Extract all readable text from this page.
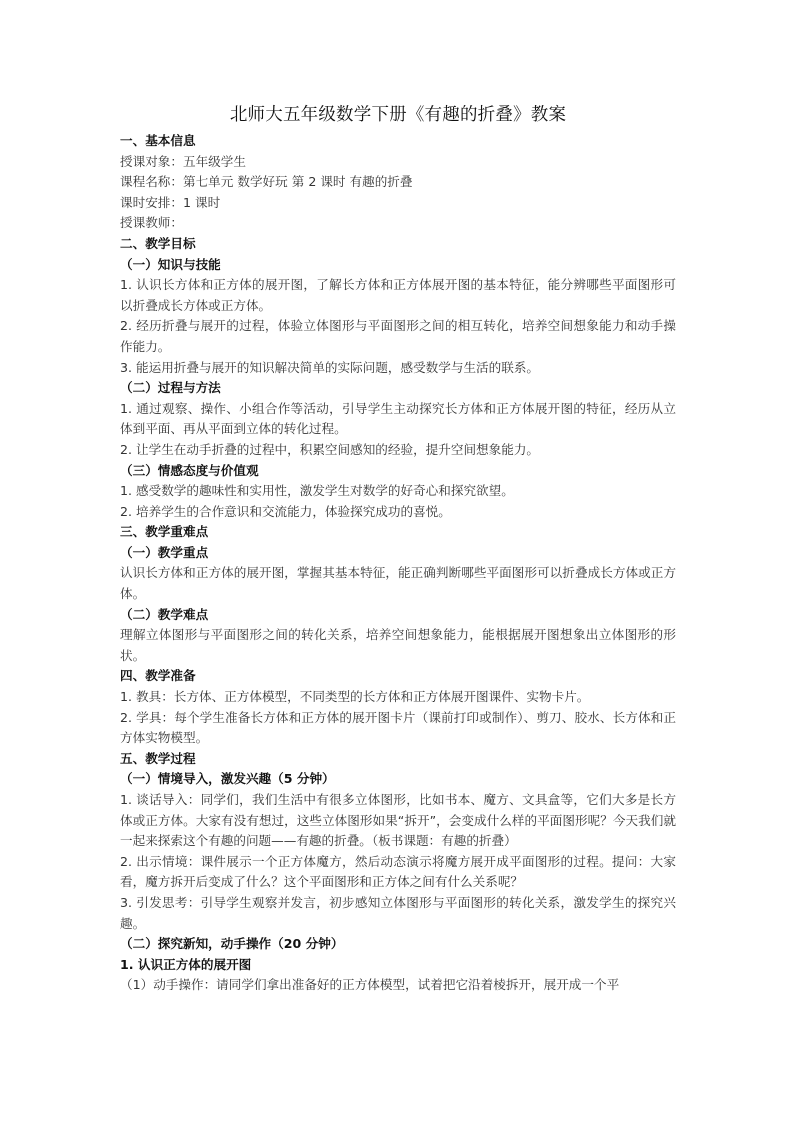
北师大五年级数学下册《有趣的折叠》教案
一、基本信息
授课对象：五年级学生
课程名称：第七单元 数学好玩 第 2 课时 有趣的折叠
课时安排：1 课时
授课教师：
二、教学目标
（一）知识与技能
1. 认识长方体和正方体的展开图，了解长方体和正方体展开图的基本特征，能分辨哪些平面图形可以折叠成长方体或正方体。
2. 经历折叠与展开的过程，体验立体图形与平面图形之间的相互转化，培养空间想象能力和动手操作能力。
3. 能运用折叠与展开的知识解决简单的实际问题，感受数学与生活的联系。
（二）过程与方法
1. 通过观察、操作、小组合作等活动，引导学生主动探究长方体和正方体展开图的特征，经历从立体到平面、再从平面到立体的转化过程。
2. 让学生在动手折叠的过程中，积累空间感知的经验，提升空间想象能力。
（三）情感态度与价值观
1. 感受数学的趣味性和实用性，激发学生对数学的好奇心和探究欲望。
2. 培养学生的合作意识和交流能力，体验探究成功的喜悦。
三、教学重难点
（一）教学重点
认识长方体和正方体的展开图，掌握其基本特征，能正确判断哪些平面图形可以折叠成长方体或正方体。
（二）教学难点
理解立体图形与平面图形之间的转化关系，培养空间想象能力，能根据展开图想象出立体图形的形状。
四、教学准备
1. 教具：长方体、正方体模型，不同类型的长方体和正方体展开图课件、实物卡片。
2. 学具：每个学生准备长方体和正方体的展开图卡片（课前打印或制作）、剪刀、胶水、长方体和正方体实物模型。
五、教学过程
（一）情境导入，激发兴趣（5 分钟）
1. 谈话导入：同学们，我们生活中有很多立体图形，比如书本、魔方、文具盒等，它们大多是长方体或正方体。大家有没有想过，这些立体图形如果“拆开”，会变成什么样的平面图形呢？今天我们就一起来探索这个有趣的问题——有趣的折叠。（板书课题：有趣的折叠）
2. 出示情境：课件展示一个正方体魔方，然后动态演示将魔方展开成平面图形的过程。提问：大家看，魔方拆开后变成了什么？这个平面图形和正方体之间有什么关系呢？
3. 引发思考：引导学生观察并发言，初步感知立体图形与平面图形的转化关系，激发学生的探究兴趣。
（二）探究新知，动手操作（20 分钟）
1. 认识正方体的展开图
（1）动手操作：请同学们拿出准备好的正方体模型，试着把它沿着棱拆开，展开成一个平
